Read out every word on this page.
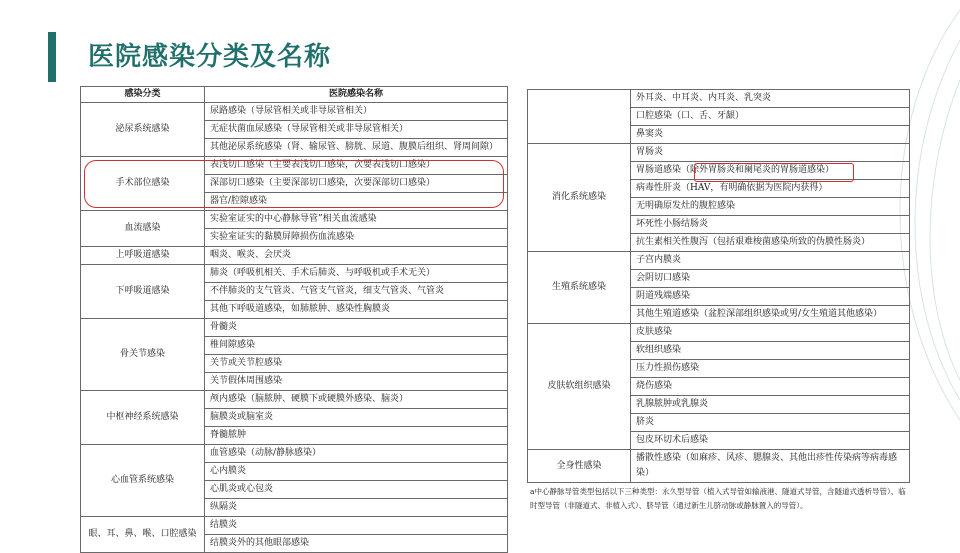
医院感染分类及名称
感染分类	医院感染名称
泌尿系统感染	尿路感染（导尿管相关或非导尿管相关）
	无症状菌血尿感染（导尿管相关或非导尿管相关）
	其他泌尿系统感染（肾、输尿管、膀胱、尿道、腹膜后组织、肾周间隙）
手术部位感染	表浅切口感染（主要表浅切口感染，次要表浅切口感染）
	深部切口感染（主要深部切口感染，次要深部切口感染）
	器官/腔隙感染
血流感染	实验室证实的中心静脉导管”相关血流感染
	实验室证实的黏膜屏障损伤血流感染
上呼吸道感染	咽炎、喉炎、会厌炎
下呼吸道感染	肺炎（呼吸机相关、手术后肺炎、与呼吸机或手术无关）
	不伴肺炎的支气管炎、气管支气管炎，细支气管炎、气管炎
	其他下呼吸道感染，如肺脓肿、感染性胸膜炎
骨关节感染	骨髓炎
	椎间隙感染
	关节或关节腔感染
	关节假体周围感染
中枢神经系统感染	颅内感染（脑脓肿、硬膜下或硬膜外感染、脑炎）
	脑膜炎或脑室炎
	脊髓脓肿
心血管系统感染	血管感染（动脉/静脉感染）
	心内膜炎
	心肌炎或心包炎
	纵隔炎
眼、耳、鼻、喉、口腔感染	结膜炎
	结膜炎外的其他眼部感染
	外耳炎、中耳炎、内耳炎、乳突炎
	口腔感染（口、舌、牙龈）
	鼻窦炎
消化系统感染	胃肠炎
	胃肠道感染（除外胃肠炎和阑尾炎的胃肠道感染）
	病毒性肝炎（HAV，有明确依据为医院内获得）
	无明确原发灶的腹腔感染
	坏死性小肠结肠炎
	抗生素相关性腹泻（包括艰难梭菌感染所致的伪膜性肠炎）
生殖系统感染	子宫内膜炎
	会阴切口感染
	阴道残端感染
	其他生殖道感染（盆腔深部组织感染或男/女生殖道其他感染）
皮肤软组织感染	皮肤感染
	软组织感染
	压力性损伤感染
	烧伤感染
	乳腺脓肿或乳腺炎
	脐炎
	包皮环切术后感染
全身性感染	播散性感染（如麻疹、风疹、腮腺炎、其他出疹性传染病等病毒感染）
a中心静脉导管类型包括以下三种类型：永久型导管（植入式导管如输液港、隧道式导管，含隧道式透析导管）、临时型导管（非隧道式、非植入式）、脐导管（通过新生儿脐动脉或静脉置入的导管）。
